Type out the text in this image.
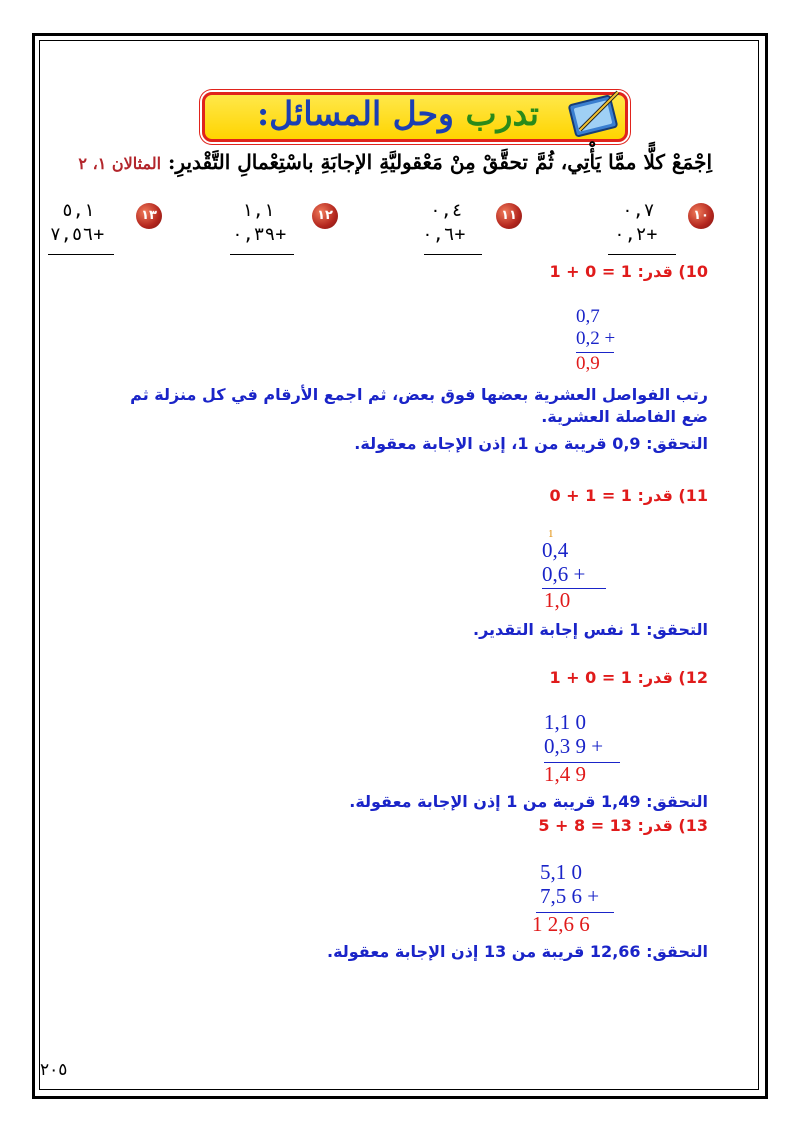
تدرب وحل المسائل:
اِجْمَعْ كلًّا ممَّا يَأْتِي، ثُمَّ تحقَّقْ مِنْ مَعْقوليَّةِ الإجابَةِ باسْتِعْمالِ التَّقْديرِ: المثالان ١، ٢
١٠
٠,٧
٠,٢+
١١
٠,٤
٠,٦+
١٢
١,١
٠,٣٩+
١٣
٥,١
٧,٥٦+
10) قدر: 1 + 0 = 1
0,7
0,2 +
0,9
رتب الفواصل العشرية بعضها فوق بعض، ثم اجمع الأرقام في كل منزلة ثم ضع الفاصلة العشرية.
التحقق: 0,9 قريبة من 1، إذن الإجابة معقولة.
11) قدر: 0 + 1 = 1
1
0,4
0,6 +
1,0
التحقق: 1 نفس إجابة التقدير.
12) قدر: 1 + 0 = 1
1,1 0
0,3 9 +
1,4 9
التحقق: 1,49 قريبة من 1 إذن الإجابة معقولة.
13) قدر: 5 + 8 = 13
5,1 0
7,5 6 +
1 2,6 6
التحقق: 12,66 قريبة من 13 إذن الإجابة معقولة.
٢٠٥
